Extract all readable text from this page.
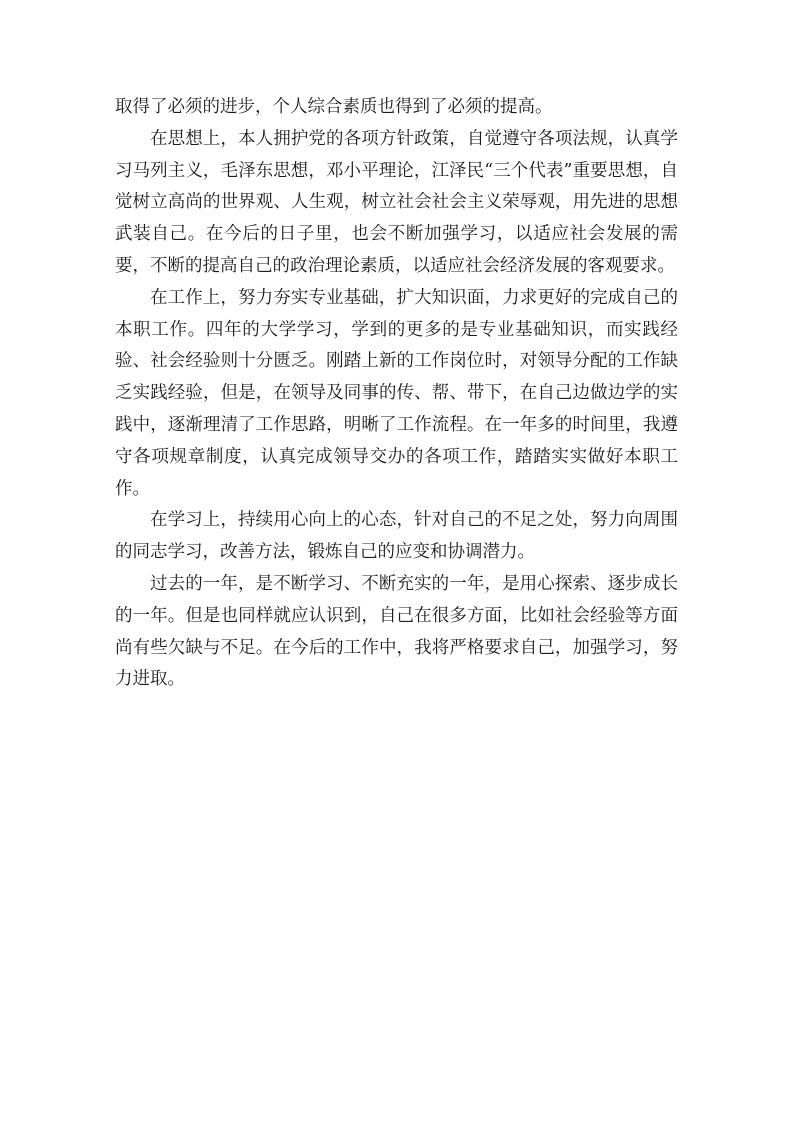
取得了必须的进步，个人综合素质也得到了必须的提高。

在思想上，本人拥护党的各项方针政策，自觉遵守各项法规，认真学习马列主义，毛泽东思想，邓小平理论，江泽民“三个代表”重要思想，自觉树立高尚的世界观、人生观，树立社会社会主义荣辱观，用先进的思想武装自己。在今后的日子里，也会不断加强学习，以适应社会发展的需要，不断的提高自己的政治理论素质，以适应社会经济发展的客观要求。

在工作上，努力夯实专业基础，扩大知识面，力求更好的完成自己的本职工作。四年的大学学习，学到的更多的是专业基础知识，而实践经验、社会经验则十分匮乏。刚踏上新的工作岗位时，对领导分配的工作缺乏实践经验，但是，在领导及同事的传、帮、带下，在自己边做边学的实践中，逐渐理清了工作思路，明晰了工作流程。在一年多的时间里，我遵守各项规章制度，认真完成领导交办的各项工作，踏踏实实做好本职工作。

在学习上，持续用心向上的心态，针对自己的不足之处，努力向周围的同志学习，改善方法，锻炼自己的应变和协调潜力。

过去的一年，是不断学习、不断充实的一年，是用心探索、逐步成长的一年。但是也同样就应认识到，自己在很多方面，比如社会经验等方面尚有些欠缺与不足。在今后的工作中，我将严格要求自己，加强学习，努力进取。
